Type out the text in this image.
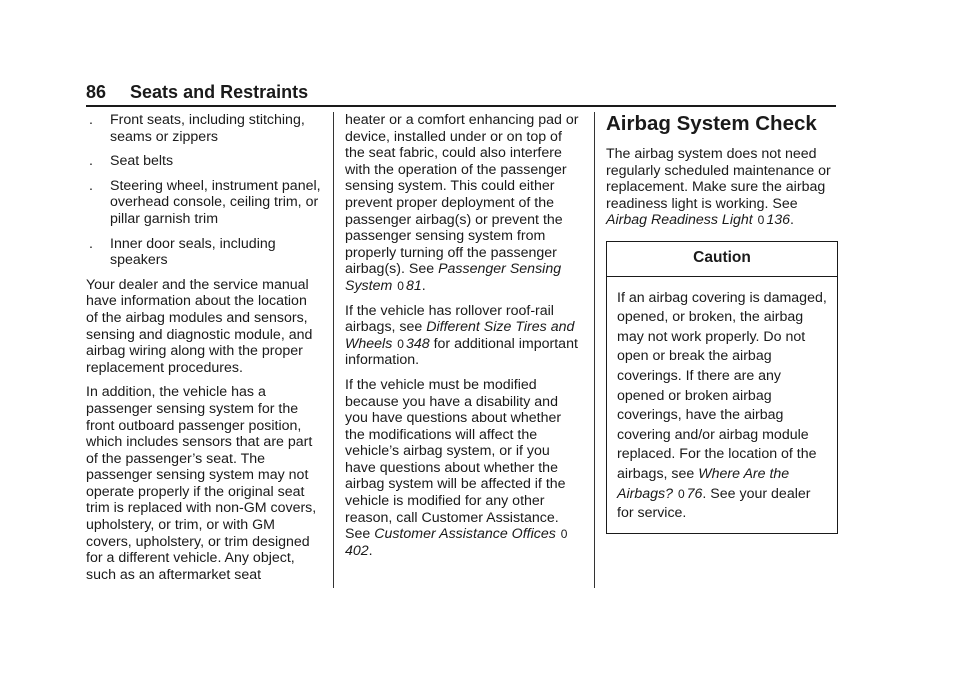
86 Seats and Restraints
.	Front seats, including stitching, seams or zippers
.	Seat belts
.	Steering wheel, instrument panel, overhead console, ceiling trim, or pillar garnish trim
.	Inner door seals, including speakers

Your dealer and the service manual have information about the location of the airbag modules and sensors, sensing and diagnostic module, and airbag wiring along with the proper replacement procedures.

In addition, the vehicle has a passenger sensing system for the front outboard passenger position, which includes sensors that are part of the passenger’s seat. The passenger sensing system may not operate properly if the original seat trim is replaced with non-GM covers, upholstery, or trim, or with GM covers, upholstery, or trim designed for a different vehicle. Any object, such as an aftermarket seat

heater or a comfort enhancing pad or device, installed under or on top of the seat fabric, could also interfere with the operation of the passenger sensing system. This could either prevent proper deployment of the passenger airbag(s) or prevent the passenger sensing system from properly turning off the passenger airbag(s). See Passenger Sensing System 0 81.

If the vehicle has rollover roof-rail airbags, see Different Size Tires and Wheels 0 348 for additional important information.

If the vehicle must be modified because you have a disability and you have questions about whether the modifications will affect the vehicle’s airbag system, or if you have questions about whether the airbag system will be affected if the vehicle is modified for any other reason, call Customer Assistance. See Customer Assistance Offices 0402.

Airbag System Check

The airbag system does not need regularly scheduled maintenance or replacement. Make sure the airbag readiness light is working. See Airbag Readiness Light 0 136.

Caution
If an airbag covering is damaged, opened, or broken, the airbag may not work properly. Do not open or break the airbag coverings. If there are any opened or broken airbag coverings, have the airbag covering and/or airbag module replaced. For the location of the airbags, see Where Are the Airbags? 0 76. See your dealer for service.
